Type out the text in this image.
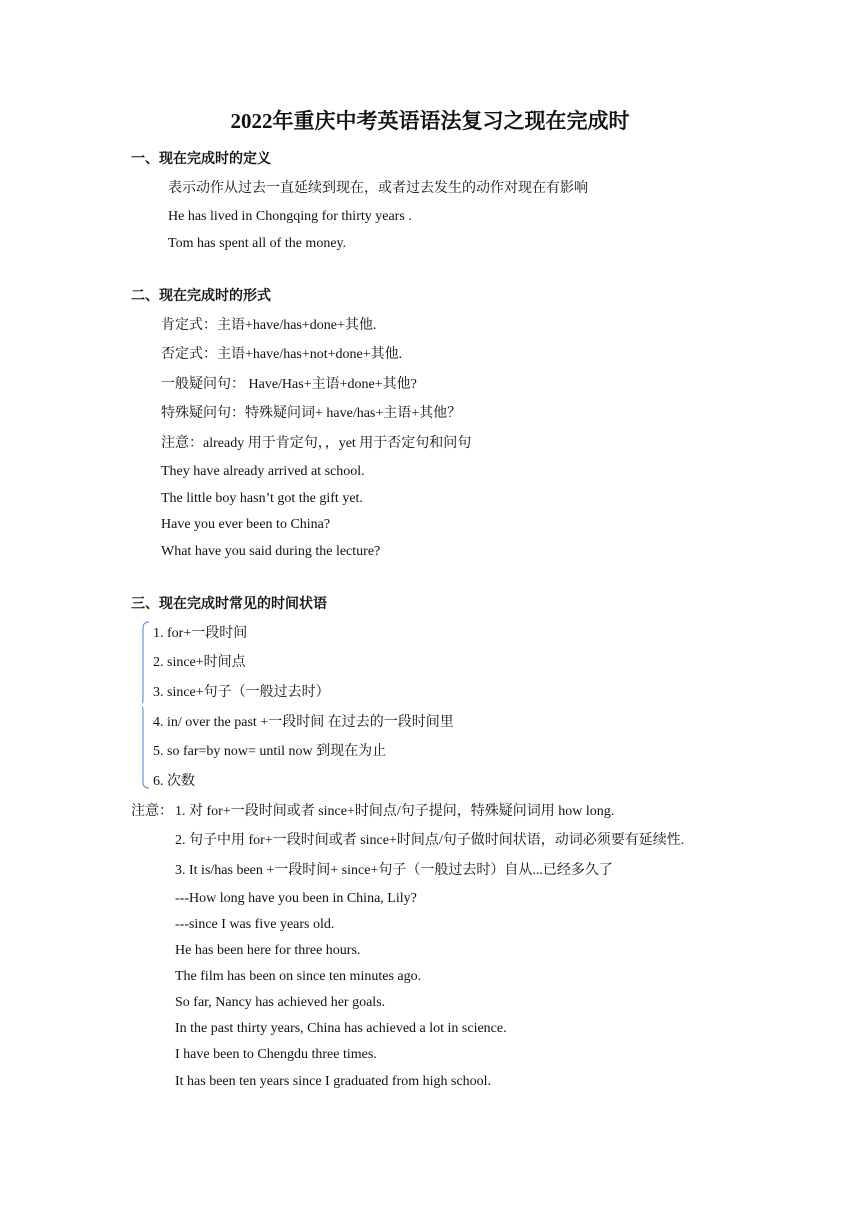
2022年重庆中考英语语法复习之现在完成时
一、现在完成时的定义
表示动作从过去一直延续到现在，或者过去发生的动作对现在有影响
He has lived in Chongqing for thirty years .
Tom has spent all of the money.
二、现在完成时的形式
肯定式：主语+have/has+done+其他.
否定式：主语+have/has+not+done+其他.
一般疑问句： Have/Has+主语+done+其他?
特殊疑问句：特殊疑问词+ have/has+主语+其他？
注意：already 用于肯定句，，yet 用于否定句和问句
They have already arrived at school.
The little boy hasn’t got the gift yet.
Have you ever been to China?
What have you said during the lecture?
三、现在完成时常见的时间状语
1. for+一段时间
2. since+时间点
3. since+句子（一般过去时）
4. in/ over the past +一段时间 在过去的一段时间里
5. so far=by now= until now 到现在为止
6. 次数
注意： 1. 对 for+一段时间或者 since+时间点/句子提问，特殊疑问词用 how long.
2. 句子中用 for+一段时间或者 since+时间点/句子做时间状语，动词必须要有延续性.
3. It is/has been +一段时间+ since+句子（一般过去时）自从...已经多久了
---How long have you been in China, Lily?
---since I was five years old.
He has been here for three hours.
The film has been on since ten minutes ago.
So far, Nancy has achieved her goals.
In the past thirty years, China has achieved a lot in science.
I have been to Chengdu three times.
It has been ten years since I graduated from high school.
